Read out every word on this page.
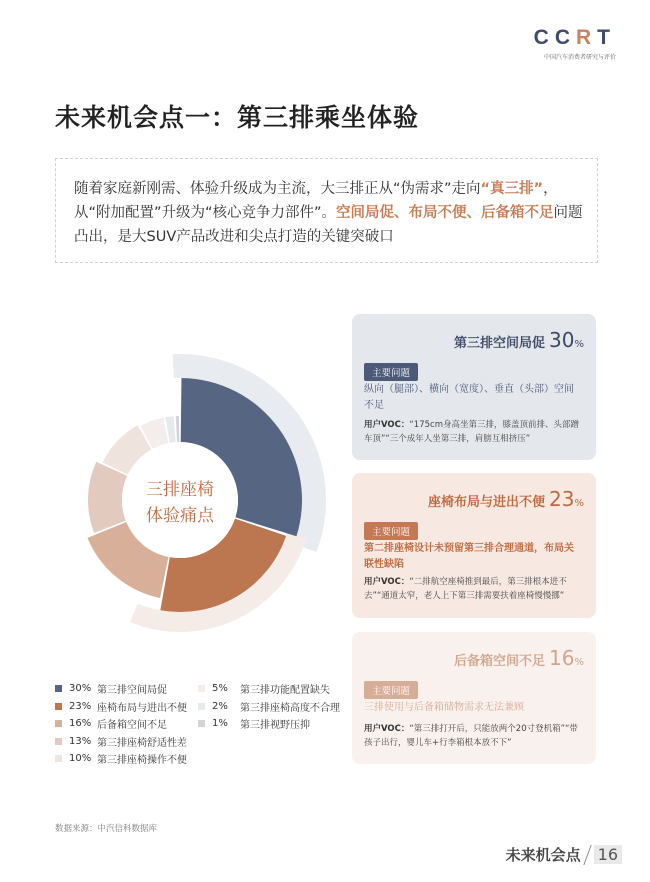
CCRT
中国汽车消费者研究与评价
未来机会点一：第三排乘坐体验
随着家庭新刚需、体验升级成为主流，大三排正从“伪需求”走向“真三排”，从“附加配置”升级为“核心竞争力部件”。空间局促、布局不便、后备箱不足问题凸出，是大SUV产品改进和尖点打造的关键突破口
三排座椅
体验痛点
30% 第三排空间局促
23% 座椅布局与进出不便
16% 后备箱空间不足
13% 第三排座椅舒适性差
10% 第三排座椅操作不便
5%	第三排功能配置缺失
2%	第三排座椅高度不合理
1%	第三排视野压抑
第三排空间局促 30%
主要问题
纵向（腿部）、横向（宽度）、垂直（头部）空间不足
用户VOC：“175cm身高坐第三排，膝盖顶前排、头部蹭车顶”“三个成年人坐第三排，肩膀互相挤压”
座椅布局与进出不便 23%
主要问题
第二排座椅设计未预留第三排合理通道，布局关联性缺陷
用户VOC：“二排航空座椅推到最后，第三排根本进不去”“通道太窄，老人上下第三排需要扶着座椅慢慢挪”
后备箱空间不足 16%
主要问题
三排使用与后备箱储物需求无法兼顾
用户VOC：“第三排打开后，只能放两个20寸登机箱”“带孩子出行，婴儿车+行李箱根本放不下”
数据来源：中汽信科数据库
未来机会点 16
